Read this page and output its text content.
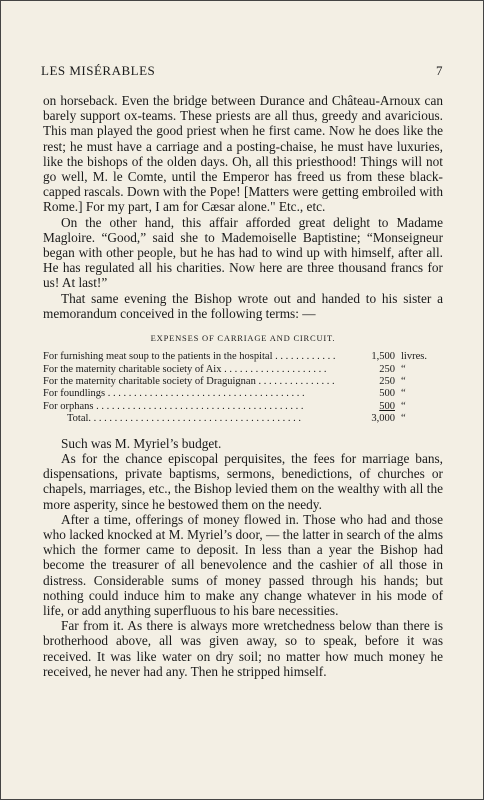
LES MISÉRABLES	7

on horseback. Even the bridge between Durance and Château-Arnoux can barely support ox-teams. These priests are all thus, greedy and avaricious. This man played the good priest when he first came. Now he does like the rest; he must have a carriage and a posting-chaise, he must have luxuries, like the bishops of the olden days. Oh, all this priesthood! Things will not go well, M. le Comte, until the Emperor has freed us from these black-capped rascals. Down with the Pope! [Matters were getting embroiled with Rome.] For my part, I am for Cæsar alone." Etc., etc.

On the other hand, this affair afforded great delight to Madame Magloire. “Good,” said she to Mademoiselle Baptistine; “Monseigneur began with other people, but he has had to wind up with himself, after all. He has regulated all his charities. Now here are three thousand francs for us! At last!”

That same evening the Bishop wrote out and handed to his sister a memorandum conceived in the following terms: —

EXPENSES OF CARRIAGE AND CIRCUIT.
For furnishing meat soup to the patients in the hospital . . . . . . . . . . . .	1,500 livres.
For the maternity charitable society of Aix . . . . . . . . . . . . . . . . . . . .	250 “
For the maternity charitable society of Draguignan . . . . . . . . . . . . . . .	250 “
For foundlings . . . . . . . . . . . . . . . . . . . . . . . . . . . . . . . . . . . . . .	500 “
For orphans . . . . . . . . . . . . . . . . . . . . . . . . . . . . . . . . . . . . . . . .	500 “
Total. . . . . . . . . . . . . . . . . . . . . . . . . . . . . . . . . . . . . . . . .	3,000 “

Such was M. Myriel’s budget.

As for the chance episcopal perquisites, the fees for marriage bans, dispensations, private baptisms, sermons, benedictions, of churches or chapels, marriages, etc., the Bishop levied them on the wealthy with all the more asperity, since he bestowed them on the needy.

After a time, offerings of money flowed in. Those who had and those who lacked knocked at M. Myriel’s door, — the latter in search of the alms which the former came to deposit. In less than a year the Bishop had become the treasurer of all benevolence and the cashier of all those in distress. Considerable sums of money passed through his hands; but nothing could induce him to make any change whatever in his mode of life, or add anything superfluous to his bare necessities.

Far from it. As there is always more wretchedness below than there is brotherhood above, all was given away, so to speak, before it was received. It was like water on dry soil; no matter how much money he received, he never had any. Then he stripped himself.
